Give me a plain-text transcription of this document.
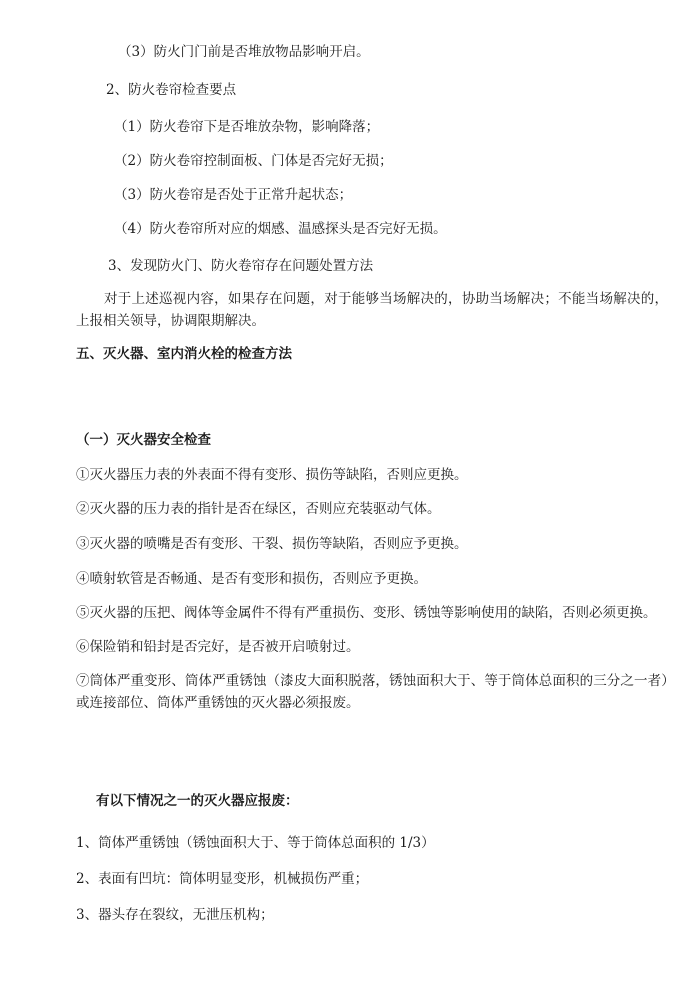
（3）防火门门前是否堆放物品影响开启。
2、防火卷帘检查要点
（1）防火卷帘下是否堆放杂物，影响降落；
（2）防火卷帘控制面板、门体是否完好无损；
（3）防火卷帘是否处于正常升起状态；
（4）防火卷帘所对应的烟感、温感探头是否完好无损。
3、发现防火门、防火卷帘存在问题处置方法
对于上述巡视内容，如果存在问题，对于能够当场解决的，协助当场解决；不能当场解决的，上报相关领导，协调限期解决。
五、灭火器、室内消火栓的检查方法
（一）灭火器安全检查
①灭火器压力表的外表面不得有变形、损伤等缺陷，否则应更换。
②灭火器的压力表的指针是否在绿区，否则应充装驱动气体。
③灭火器的喷嘴是否有变形、干裂、损伤等缺陷，否则应予更换。
④喷射软管是否畅通、是否有变形和损伤，否则应予更换。
⑤灭火器的压把、阀体等金属件不得有严重损伤、变形、锈蚀等影响使用的缺陷，否则必须更换。
⑥保险销和铅封是否完好，是否被开启喷射过。
⑦筒体严重变形、筒体严重锈蚀（漆皮大面积脱落，锈蚀面积大于、等于筒体总面积的三分之一者）或连接部位、筒体严重锈蚀的灭火器必须报废。
有以下情况之一的灭火器应报废：
1、筒体严重锈蚀（锈蚀面积大于、等于筒体总面积的 1/3）
2、表面有凹坑：筒体明显变形，机械损伤严重；
3、器头存在裂纹，无泄压机构；
